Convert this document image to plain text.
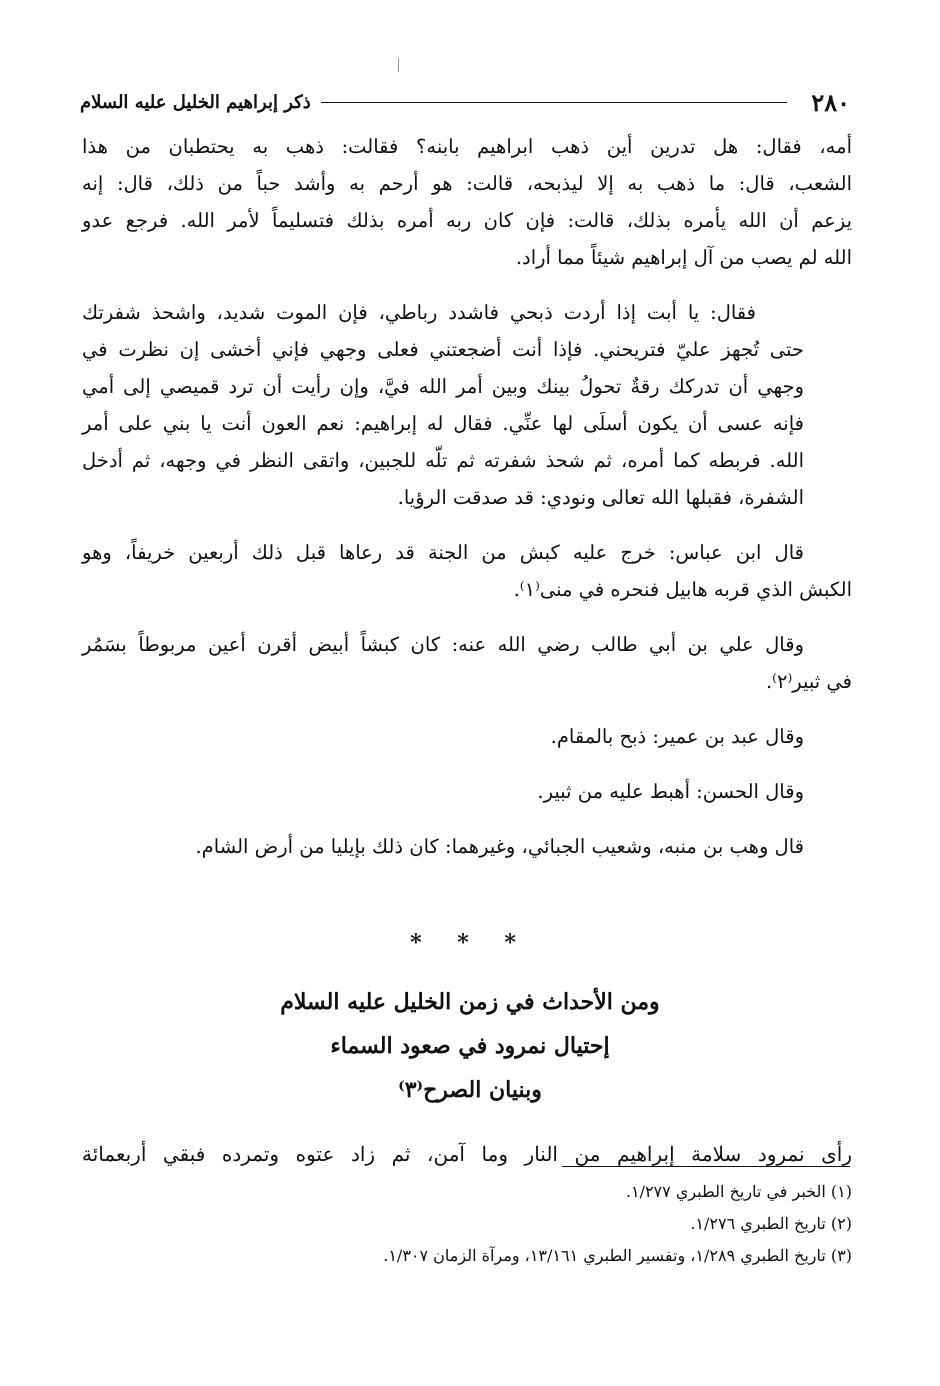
٢٨٠
ذكر إبراهيم الخليل عليه السلام

أمه، فقال: هل تدرين أين ذهب ابراهيم بابنه؟ فقالت: ذهب به يحتطبان من هذا
الشعب، قال: ما ذهب به إلا ليذبحه، قالت: هو أرحم به وأشد حباً من ذلك، قال: إنه
يزعم أن الله يأمره بذلك، قالت: فإن كان ربه أمره بذلك فتسليماً لأمر الله. فرجع عدو
الله لم يصب من آل إبراهيم شيئاً مما أراد.

فقال: يا أبت إذا أردت ذبحي فاشدد رباطي، فإن الموت شديد، واشحذ شفرتك
حتى تُجهز عليّ فتريحني. فإذا أنت أضجعتني فعلى وجهي فإني أخشى إن نظرت في
وجهي أن تدركك رقةٌ تحولُ بينك وبين أمر الله فيَّ، وإن رأيت أن ترد قميصي إلى أمي
فإنه عسى أن يكون أسلَى لها عنِّي. فقال له إبراهيم: نعم العون أنت يا بني على أمر
الله. فربطه كما أمره، ثم شحذ شفرته ثم تلّه للجبين، واتقى النظر في وجهه، ثم أدخل
الشفرة، فقبلها الله تعالى ونودي: قد صدقت الرؤيا.

قال ابن عباس: خرج عليه كبش من الجنة قد رعاها قبل ذلك أربعين خريفاً، وهو
الكبش الذي قربه هابيل فنحره في منى⁽١⁾.

وقال علي بن أبي طالب رضي الله عنه: كان كبشاً أبيض أقرن أعين مربوطاً بسَمُر
في ثبير⁽٢⁾.

وقال عبد بن عمير: ذبح بالمقام.

وقال الحسن: أهبط عليه من ثبير.

قال وهب بن منبه، وشعيب الجبائي، وغيرهما: كان ذلك بإيليا من أرض الشام.

* * *
ومن الأحداث في زمن الخليل عليه السلام
إحتيال نمرود في صعود السماء
وبنيان الصرح⁽٣⁾
رأى نمرود سلامة إبراهيم من النار وما آمن، ثم زاد عتوه وتمرده فبقي أربعمائة
(١) الخبر في تاريخ الطبري ١/٢٧٧.
(٢) تاريخ الطبري ١/٢٧٦.
(٣) تاريخ الطبري ١/٢٨٩، وتفسير الطبري ١٣/١٦١، ومرآة الزمان ١/٣٠٧.
